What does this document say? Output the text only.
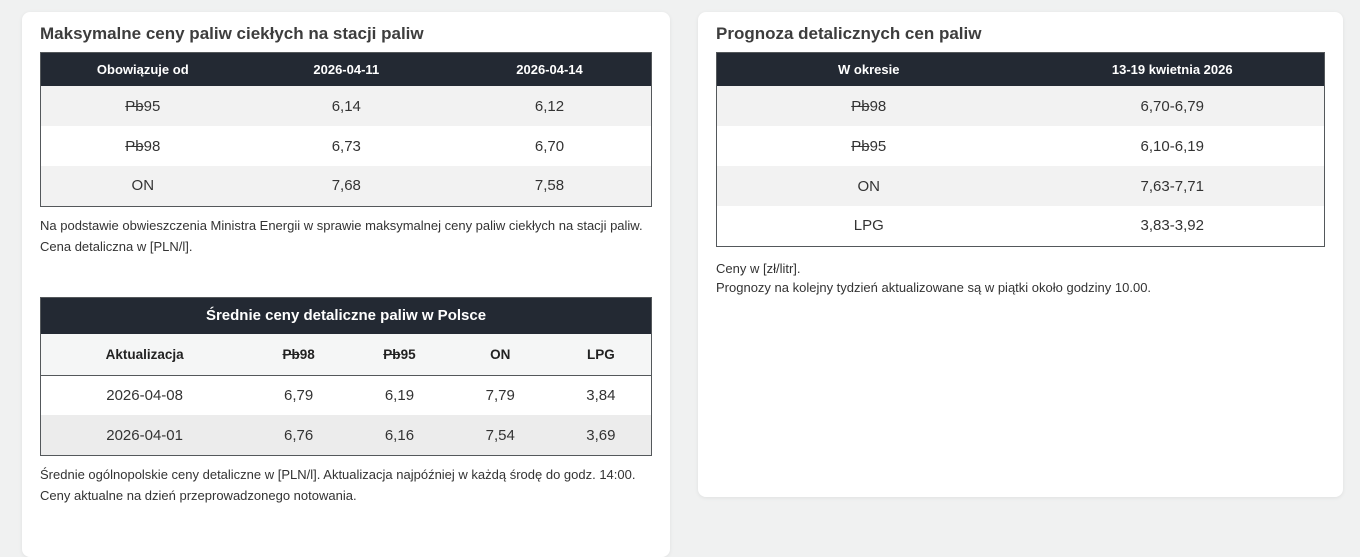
Maksymalne ceny paliw ciekłych na stacji paliw
Obowiązuje od	2026-04-11	2026-04-14
Pb95	6,14	6,12
Pb98	6,73	6,70
ON	7,68	7,58

Na podstawie obwieszczenia Ministra Energii w sprawie maksymalnej ceny paliw ciekłych na stacji paliw. Cena detaliczna w [PLN/l].

Średnie ceny detaliczne paliw w Polsce				
Aktualizacja	Pb98	Pb95	ON	LPG
2026-04-08	6,79	6,19	7,79	3,84
2026-04-01	6,76	6,16	7,54	3,69

Średnie ogólnopolskie ceny detaliczne w [PLN/l]. Aktualizacja najpóźniej w każdą środę do godz. 14:00. Ceny aktualne na dzień przeprowadzonego notowania.

Prognoza detalicznych cen paliw
W okresie	13-19 kwietnia 2026
Pb98	6,70-6,79
Pb95	6,10-6,19
ON	7,63-7,71
LPG	3,83-3,92
Ceny w [zł/litr].
Prognozy na kolejny tydzień aktualizowane są w piątki około godziny 10.00.
